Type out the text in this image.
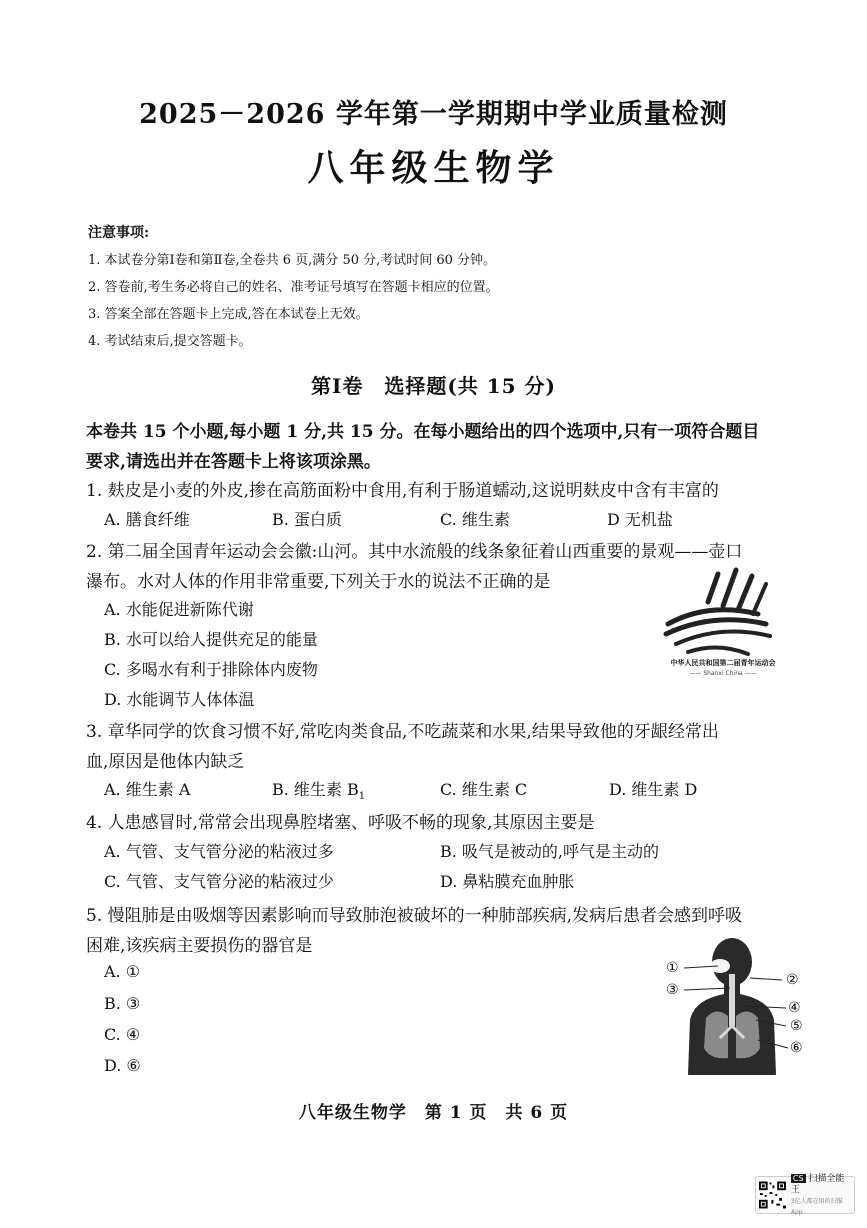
2025－2026 学年第一学期期中学业质量检测
八年级生物学
注意事项:
1. 本试卷分第Ⅰ卷和第Ⅱ卷,全卷共 6 页,满分 50 分,考试时间 60 分钟。
2. 答卷前,考生务必将自己的姓名、准考证号填写在答题卡相应的位置。
3. 答案全部在答题卡上完成,答在本试卷上无效。
4. 考试结束后,提交答题卡。
第Ⅰ卷　选择题(共 15 分)
本卷共 15 个小题,每小题 1 分,共 15 分。在每小题给出的四个选项中,只有一项符合题目
要求,请选出并在答题卡上将该项涂黑。
1. 麸皮是小麦的外皮,掺在高筋面粉中食用,有利于肠道蠕动,这说明麸皮中含有丰富的
A. 膳食纤维	B. 蛋白质	C. 维生素	D 无机盐
2. 第二届全国青年运动会会徽:山河。其中水流般的线条象征着山西重要的景观——壶口
瀑布。水对人体的作用非常重要,下列关于水的说法不正确的是
A. 水能促进新陈代谢
B. 水可以给人提供充足的能量
C. 多喝水有利于排除体内废物
D. 水能调节人体体温
中华人民共和国第二届青年运动会
—— Shanxi China ——
3. 章华同学的饮食习惯不好,常吃肉类食品,不吃蔬菜和水果,结果导致他的牙龈经常出
血,原因是他体内缺乏
A. 维生素 A	B. 维生素 $B_1$	C. 维生素 C	D. 维生素 D
4. 人患感冒时,常常会出现鼻腔堵塞、呼吸不畅的现象,其原因主要是
A. 气管、支气管分泌的粘液过多	B. 吸气是被动的,呼气是主动的
C. 气管、支气管分泌的粘液过少	D. 鼻粘膜充血肿胀
5. 慢阻肺是由吸烟等因素影响而导致肺泡被破坏的一种肺部疾病,发病后患者会感到呼吸
困难,该疾病主要损伤的器官是
A. ①
B. ③
C. ④
D. ⑥
①
②
③
④
⑤
⑥
八年级生物学　第 1 页　共 6 页
CS 扫描全能王
3亿人都在用的扫描App
